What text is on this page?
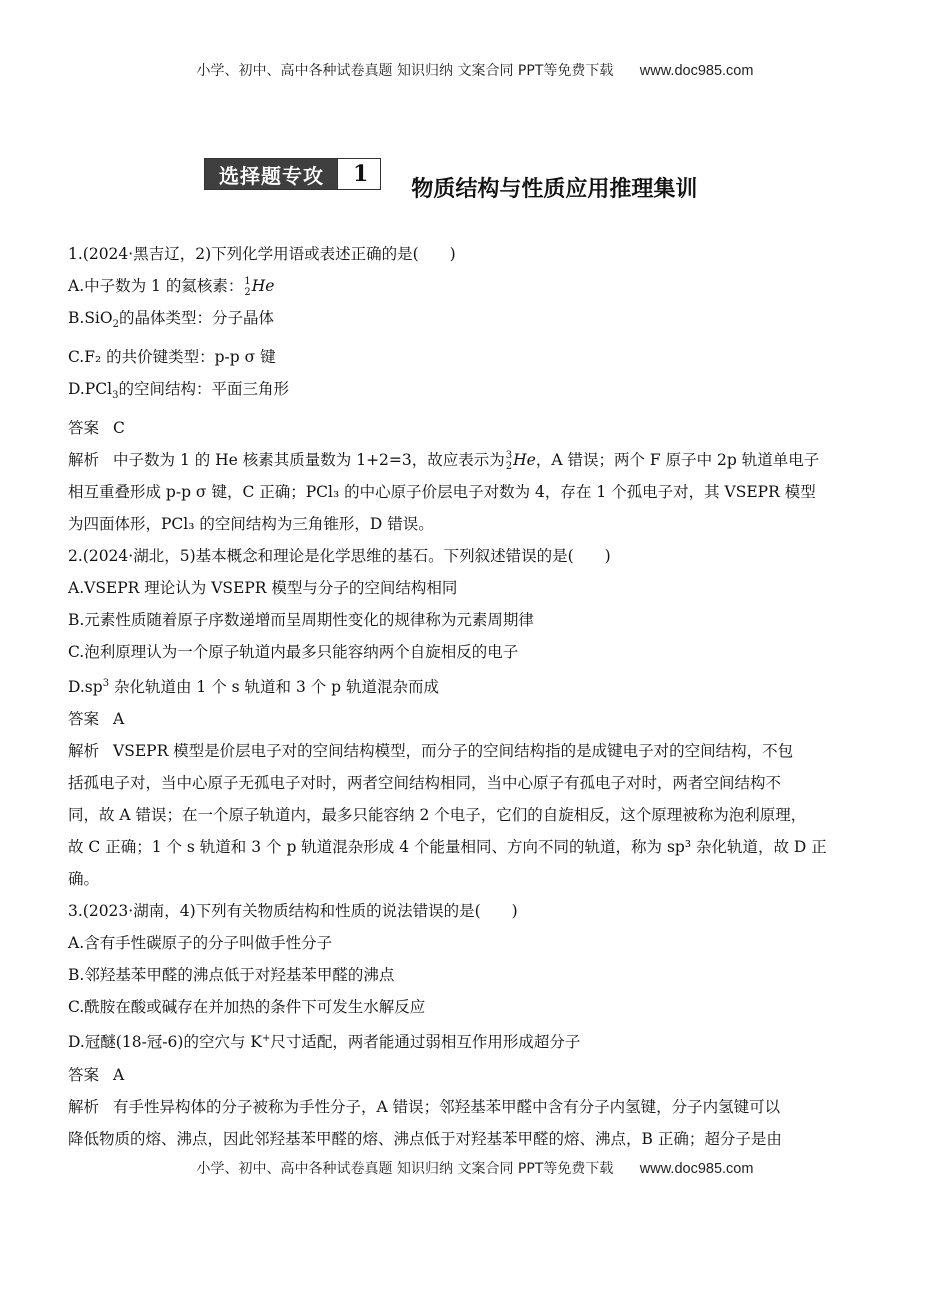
小学、初中、高中各种试卷真题 知识归纳 文案合同 PPT等免费下载 www.doc985.com
选择题专攻	1
物质结构与性质应用推理集训
1.(2024·黑吉辽，2)下列化学用语或表述正确的是(　　)
A.中子数为 1 的氦核素： 1
2 He
B.SiO$_2$的晶体类型：分子晶体
C.F₂ 的共价键类型：p-p σ 键
D.PCl$_3$的空间结构：平面三角形
答案 C
解析 中子数为 1 的 He 核素其质量数为 1+2=3，故应表示为 3
2 He，A 错误；两个 F 原子中 2p 轨道单电子
相互重叠形成 p-p σ 键，C 正确；PCl₃ 的中心原子价层电子对数为 4，存在 1 个孤电子对，其 VSEPR 模型
为四面体形，PCl₃ 的空间结构为三角锥形，D 错误。
2.(2024·湖北，5)基本概念和理论是化学思维的基石。下列叙述错误的是(　　)
A.VSEPR 理论认为 VSEPR 模型与分子的空间结构相同
B.元素性质随着原子序数递增而呈周期性变化的规律称为元素周期律
C.泡利原理认为一个原子轨道内最多只能容纳两个自旋相反的电子
$D.sp^3$ 杂化轨道由 1 个 s 轨道和 3 个 p 轨道混杂而成
答案 A
解析 VSEPR 模型是价层电子对的空间结构模型，而分子的空间结构指的是成键电子对的空间结构，不包
括孤电子对，当中心原子无孤电子对时，两者空间结构相同，当中心原子有孤电子对时，两者空间结构不
同，故 A 错误；在一个原子轨道内，最多只能容纳 2 个电子，它们的自旋相反，这个原理被称为泡利原理，
故 C 正确；1 个 s 轨道和 3 个 p 轨道混杂形成 4 个能量相同、方向不同的轨道，称为 sp³ 杂化轨道，故 D 正
确。
3.(2023·湖南，4)下列有关物质结构和性质的说法错误的是(　　)
A.含有手性碳原子的分子叫做手性分子
B.邻羟基苯甲醛的沸点低于对羟基苯甲醛的沸点
C.酰胺在酸或碱存在并加热的条件下可发生水解反应
D.冠醚(18-冠-6)的空穴与 K+尺寸适配，两者能通过弱相互作用形成超分子
答案 A
解析 有手性异构体的分子被称为手性分子，A 错误；邻羟基苯甲醛中含有分子内氢键，分子内氢键可以
降低物质的熔、沸点，因此邻羟基苯甲醛的熔、沸点低于对羟基苯甲醛的熔、沸点，B 正确；超分子是由
小学、初中、高中各种试卷真题 知识归纳 文案合同 PPT等免费下载 www.doc985.com
